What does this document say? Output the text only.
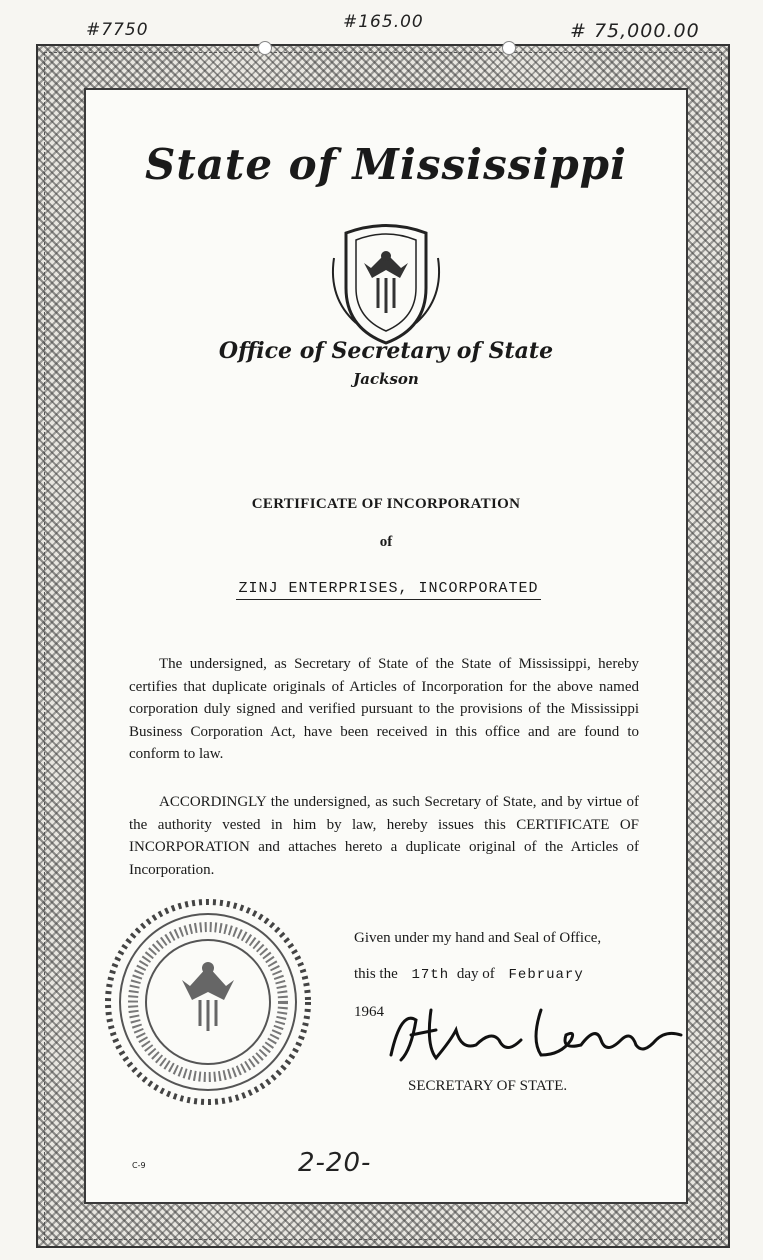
#7750	#165.00	# 75,000.00
State of Mississippi
Office of Secretary of State
Jackson
CERTIFICATE OF INCORPORATION
of
ZINJ ENTERPRISES, INCORPORATED

The undersigned, as Secretary of State of the State of Mississippi, hereby certifies that duplicate originals of Articles of Incorporation for the above named corporation duly signed and verified pursuant to the provisions of the Mississippi Business Corporation Act, have been received in this office and are found to conform to law.

ACCORDINGLY the undersigned, as such Secretary of State, and by virtue of the authority vested in him by law, hereby issues this CERTIFICATE OF INCORPORATION and attaches hereto a duplicate original of the Articles of Incorporation.

Given under my hand and Seal of Office,
this the 17th day of February
1964
SECRETARY OF STATE.
C-9	2-20-
